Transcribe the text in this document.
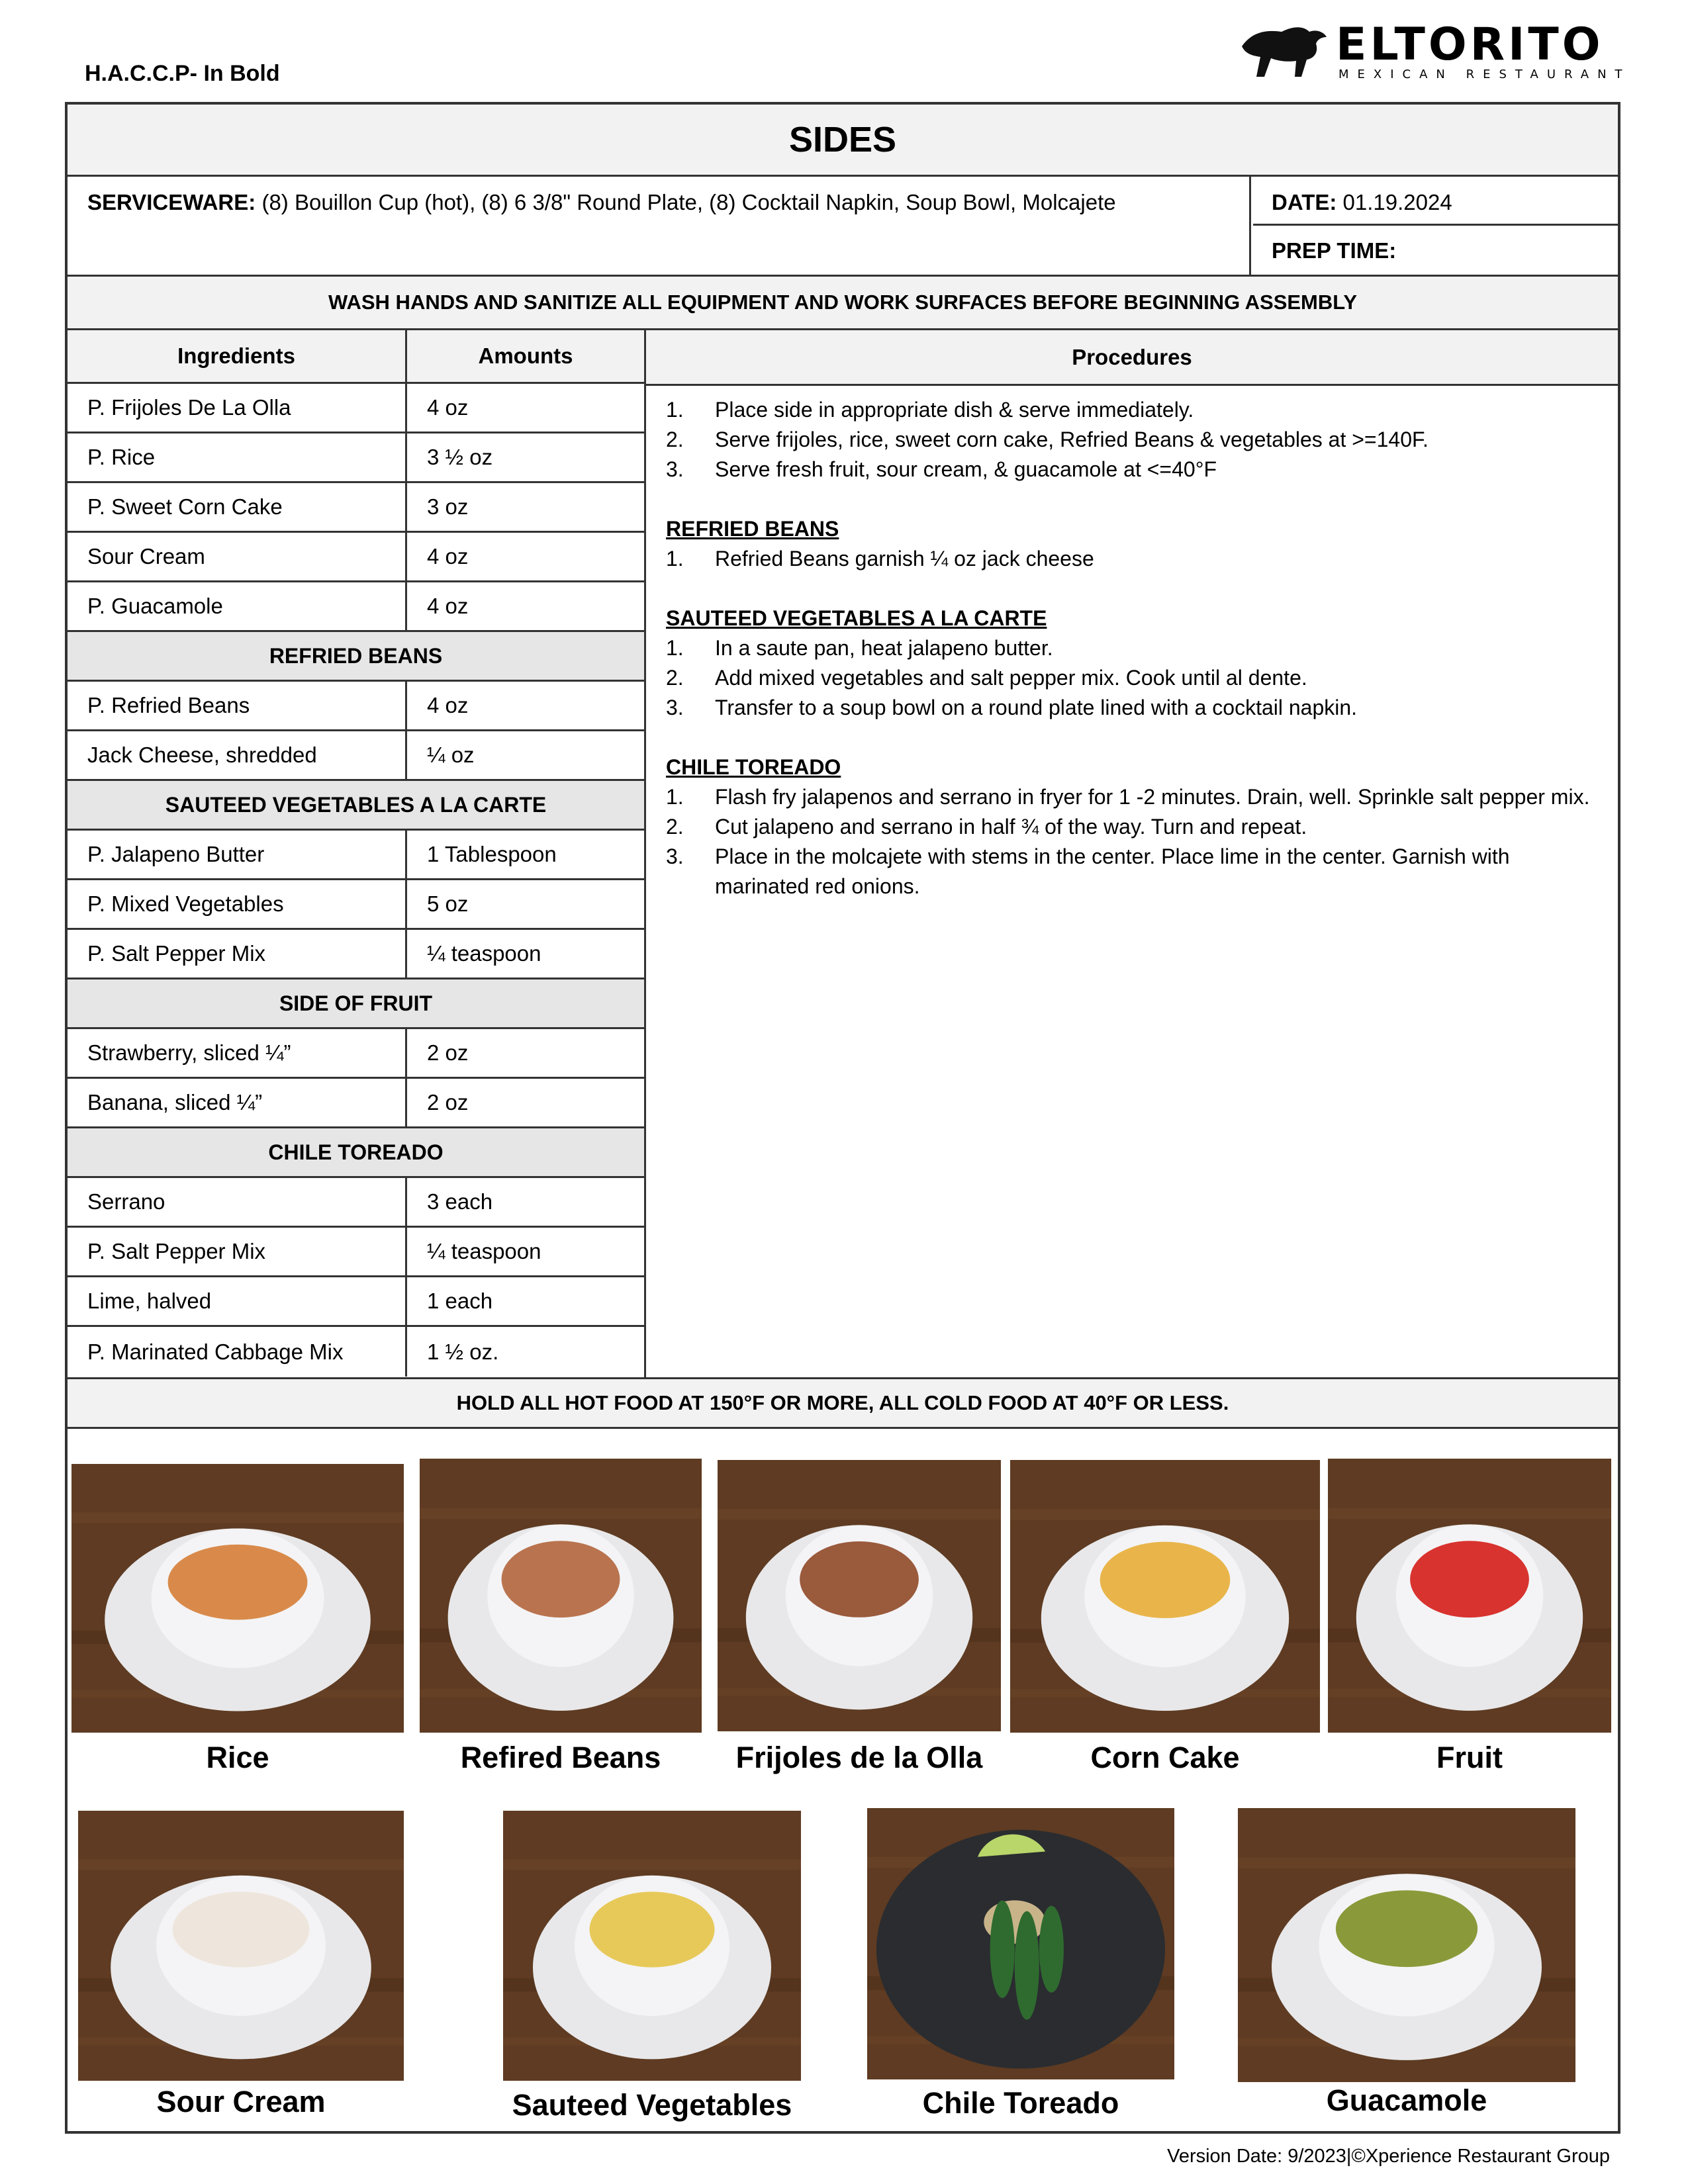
H.A.C.C.P- In Bold
ELTORITO
MEXICAN RESTAURANT
SIDES
SERVICEWARE: (8) Bouillon Cup (hot), (8) 6 3/8" Round Plate, (8) Cocktail Napkin, Soup Bowl, Molcajete	DATE: 01.19.2024
PREP TIME:
WASH HANDS AND SANITIZE ALL EQUIPMENT AND WORK SURFACES BEFORE BEGINNING ASSEMBLY
Ingredients	Amounts
P. Frijoles De La Olla	4 oz
P. Rice	3 ½ oz
P. Sweet Corn Cake	3 oz
Sour Cream	4 oz
P. Guacamole	4 oz
REFRIED BEANS
P. Refried Beans	4 oz
Jack Cheese, shredded	¼ oz
SAUTEED VEGETABLES A LA CARTE
P. Jalapeno Butter	1 Tablespoon
P. Mixed Vegetables	5 oz
P. Salt Pepper Mix	¼ teaspoon
SIDE OF FRUIT
Strawberry, sliced ¼”	2 oz
Banana, sliced ¼”	2 oz
CHILE TOREADO
Serrano	3 each
P. Salt Pepper Mix	¼ teaspoon
Lime, halved	1 each
P. Marinated Cabbage Mix	1 ½ oz.
Procedures
1.	Place side in appropriate dish & serve immediately.
2.	Serve frijoles, rice, sweet corn cake, Refried Beans & vegetables at >=140F.
3.	Serve fresh fruit, sour cream, & guacamole at <=40°F
REFRIED BEANS
1.	Refried Beans garnish ¼ oz jack cheese
SAUTEED VEGETABLES A LA CARTE
1.	In a saute pan, heat jalapeno butter.
2.	Add mixed vegetables and salt pepper mix. Cook until al dente.
3.	Transfer to a soup bowl on a round plate lined with a cocktail napkin.
CHILE TOREADO
1.	Flash fry jalapenos and serrano in fryer for 1 -2 minutes. Drain, well. Sprinkle salt pepper mix.
2.	Cut jalapeno and serrano in half ¾ of the way. Turn and repeat.
3.	Place in the molcajete with stems in the center. Place lime in the center. Garnish with marinated red onions.
HOLD ALL HOT FOOD AT 150°F OR MORE, ALL COLD FOOD AT 40°F OR LESS.
Rice	Refired Beans	Frijoles de la Olla	Corn Cake	Fruit
Sour Cream	Sauteed Vegetables	Chile Toreado	Guacamole
Version Date: 9/2023|©Xperience Restaurant Group
